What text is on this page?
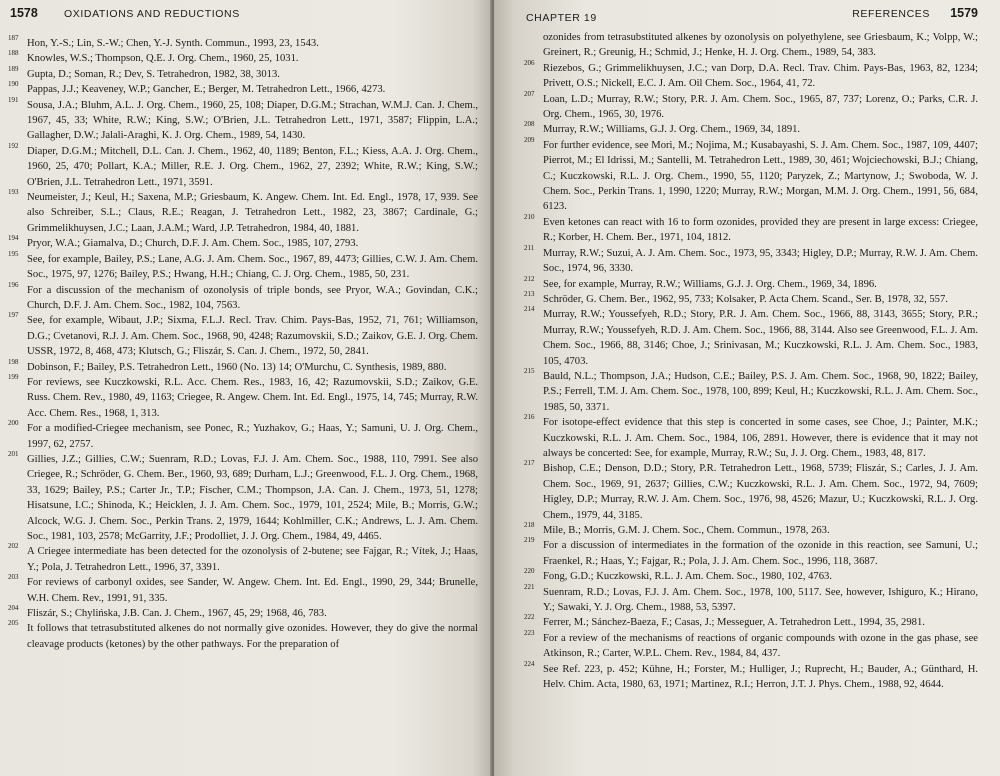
1578 OXIDATIONS AND REDUCTIONS
187 Hon, Y.-S.; Lin, S.-W.; Chen, Y.-J. Synth. Commun., 1993, 23, 1543.
188 Knowles, W.S.; Thompson, Q.E. J. Org. Chem., 1960, 25, 1031.
189 Gupta, D.; Soman, R.; Dev, S. Tetrahedron, 1982, 38, 3013.
190 Pappas, J.J.; Keaveney, W.P.; Gancher, E.; Berger, M. Tetrahedron Lett., 1966, 4273.
191 Sousa, J.A.; Bluhm, A.L. J. Org. Chem., 1960, 25, 108; Diaper, D.G.M.; Strachan, W.M.J. Can. J. Chem., 1967, 45, 33; White, R.W.; King, S.W.; O'Brien, J.L. Tetrahedron Lett., 1971, 3587; Flippin, L.A.; Gallagher, D.W.; Jalali-Araghi, K. J. Org. Chem., 1989, 54, 1430.
192 Diaper, D.G.M.; Mitchell, D.L. Can. J. Chem., 1962, 40, 1189; Benton, F.L.; Kiess, A.A. J. Org. Chem., 1960, 25, 470; Pollart, K.A.; Miller, R.E. J. Org. Chem., 1962, 27, 2392; White, R.W.; King, S.W.; O'Brien, J.L. Tetrahedron Lett., 1971, 3591.
193 Neumeister, J.; Keul, H.; Saxena, M.P.; Griesbaum, K. Angew. Chem. Int. Ed. Engl., 1978, 17, 939. See also Schreiber, S.L.; Claus, R.E.; Reagan, J. Tetrahedron Lett., 1982, 23, 3867; Cardinale, G.; Grimmelikhuysen, J.C.; Laan, J.A.M.; Ward, J.P. Tetrahedron, 1984, 40, 1881.
194 Pryor, W.A.; Giamalva, D.; Church, D.F. J. Am. Chem. Soc., 1985, 107, 2793.
195 See, for example, Bailey, P.S.; Lane, A.G. J. Am. Chem. Soc., 1967, 89, 4473; Gillies, C.W. J. Am. Chem. Soc., 1975, 97, 1276; Bailey, P.S.; Hwang, H.H.; Chiang, C. J. Org. Chem., 1985, 50, 231.
196 For a discussion of the mechanism of ozonolysis of triple bonds, see Pryor, W.A.; Govindan, C.K.; Church, D.F. J. Am. Chem. Soc., 1982, 104, 7563.
197 See, for example, Wibaut, J.P.; Sixma, F.L.J. Recl. Trav. Chim. Pays-Bas, 1952, 71, 761; Williamson, D.G.; Cvetanovi, R.J. J. Am. Chem. Soc., 1968, 90, 4248; Razumovskii, S.D.; Zaikov, G.E. J. Org. Chem. USSR, 1972, 8, 468, 473; Klutsch, G.; Fliszár, S. Can. J. Chem., 1972, 50, 2841.
198 Dobinson, F.; Bailey, P.S. Tetrahedron Lett., 1960 (No. 13) 14; O'Murchu, C. Synthesis, 1989, 880.
199 For reviews, see Kuczkowski, R.L. Acc. Chem. Res., 1983, 16, 42; Razumovskii, S.D.; Zaikov, G.E. Russ. Chem. Rev., 1980, 49, 1163; Criegee, R. Angew. Chem. Int. Ed. Engl., 1975, 14, 745; Murray, R.W. Acc. Chem. Res., 1968, 1, 313.
200 For a modified-Criegee mechanism, see Ponec, R.; Yuzhakov, G.; Haas, Y.; Samuni, U. J. Org. Chem., 1997, 62, 2757.
201 Gillies, J.Z.; Gillies, C.W.; Suenram, R.D.; Lovas, F.J. J. Am. Chem. Soc., 1988, 110, 7991. See also Criegee, R.; Schröder, G. Chem. Ber., 1960, 93, 689; Durham, L.J.; Greenwood, F.L. J. Org. Chem., 1968, 33, 1629; Bailey, P.S.; Carter Jr., T.P.; Fischer, C.M.; Thompson, J.A. Can. J. Chem., 1973, 51, 1278; Hisatsune, I.C.; Shinoda, K.; Heicklen, J. J. Am. Chem. Soc., 1979, 101, 2524; Mile, B.; Morris, G.W.; Alcock, W.G. J. Chem. Soc., Perkin Trans. 2, 1979, 1644; Kohlmiller, C.K.; Andrews, L. J. Am. Chem. Soc., 1981, 103, 2578; McGarrity, J.F.; Prodolliet, J. J. Org. Chem., 1984, 49, 4465.
202 A Criegee intermediate has been detected for the ozonolysis of 2-butene; see Fajgar, R.; Vítek, J.; Haas, Y.; Pola, J. Tetrahedron Lett., 1996, 37, 3391.
203 For reviews of carbonyl oxides, see Sander, W. Angew. Chem. Int. Ed. Engl., 1990, 29, 344; Brunelle, W.H. Chem. Rev., 1991, 91, 335.
204 Fliszár, S.; Chylińska, J.B. Can. J. Chem., 1967, 45, 29; 1968, 46, 783.
205 It follows that tetrasubstituted alkenes do not normally give ozonides. However, they do give the normal cleavage products (ketones) by the other pathways. For the preparation of
CHAPTER 19	REFERENCES 1579
ozonides from tetrasubstituted alkenes by ozonolysis on polyethylene, see Griesbaum, K.; Volpp, W.; Greinert, R.; Greunig, H.; Schmid, J.; Henke, H. J. Org. Chem., 1989, 54, 383.
206 Riezebos, G.; Grimmelikhuysen, J.C.; van Dorp, D.A. Recl. Trav. Chim. Pays-Bas, 1963, 82, 1234; Privett, O.S.; Nickell, E.C. J. Am. Oil Chem. Soc., 1964, 41, 72.
207 Loan, L.D.; Murray, R.W.; Story, P.R. J. Am. Chem. Soc., 1965, 87, 737; Lorenz, O.; Parks, C.R. J. Org. Chem., 1965, 30, 1976.
208 Murray, R.W.; Williams, G.J. J. Org. Chem., 1969, 34, 1891.
209 For further evidence, see Mori, M.; Nojima, M.; Kusabayashi, S. J. Am. Chem. Soc., 1987, 109, 4407; Pierrot, M.; El Idrissi, M.; Santelli, M. Tetrahedron Lett., 1989, 30, 461; Wojciechowski, B.J.; Chiang, C.; Kuczkowski, R.L. J. Org. Chem., 1990, 55, 1120; Paryzek, Z.; Martynow, J.; Swoboda, W. J. Chem. Soc., Perkin Trans. 1, 1990, 1220; Murray, R.W.; Morgan, M.M. J. Org. Chem., 1991, 56, 684, 6123.
210 Even ketones can react with 16 to form ozonides, provided they are present in large excess: Criegee, R.; Korber, H. Chem. Ber., 1971, 104, 1812.
211 Murray, R.W.; Suzui, A. J. Am. Chem. Soc., 1973, 95, 3343; Higley, D.P.; Murray, R.W. J. Am. Chem. Soc., 1974, 96, 3330.
212 See, for example, Murray, R.W.; Williams, G.J. J. Org. Chem., 1969, 34, 1896.
213 Schröder, G. Chem. Ber., 1962, 95, 733; Kolsaker, P. Acta Chem. Scand., Ser. B, 1978, 32, 557.
214 Murray, R.W.; Youssefyeh, R.D.; Story, P.R. J. Am. Chem. Soc., 1966, 88, 3143, 3655; Story, P.R.; Murray, R.W.; Youssefyeh, R.D. J. Am. Chem. Soc., 1966, 88, 3144. Also see Greenwood, F.L. J. Am. Chem. Soc., 1966, 88, 3146; Choe, J.; Srinivasan, M.; Kuczkowski, R.L. J. Am. Chem. Soc., 1983, 105, 4703.
215 Bauld, N.L.; Thompson, J.A.; Hudson, C.E.; Bailey, P.S. J. Am. Chem. Soc., 1968, 90, 1822; Bailey, P.S.; Ferrell, T.M. J. Am. Chem. Soc., 1978, 100, 899; Keul, H.; Kuczkowski, R.L. J. Am. Chem. Soc., 1985, 50, 3371.
216 For isotope-effect evidence that this step is concerted in some cases, see Choe, J.; Painter, M.K.; Kuczkowski, R.L. J. Am. Chem. Soc., 1984, 106, 2891. However, there is evidence that it may not always be concerted: See, for example, Murray, R.W.; Su, J. J. Org. Chem., 1983, 48, 817.
217 Bishop, C.E.; Denson, D.D.; Story, P.R. Tetrahedron Lett., 1968, 5739; Fliszár, S.; Carles, J. J. Am. Chem. Soc., 1969, 91, 2637; Gillies, C.W.; Kuczkowski, R.L. J. Am. Chem. Soc., 1972, 94, 7609; Higley, D.P.; Murray, R.W. J. Am. Chem. Soc., 1976, 98, 4526; Mazur, U.; Kuczkowski, R.L. J. Org. Chem., 1979, 44, 3185.
218 Mile, B.; Morris, G.M. J. Chem. Soc., Chem. Commun., 1978, 263.
219 For a discussion of intermediates in the formation of the ozonide in this reaction, see Samuni, U.; Fraenkel, R.; Haas, Y.; Fajgar, R.; Pola, J. J. Am. Chem. Soc., 1996, 118, 3687.
220 Fong, G.D.; Kuczkowski, R.L. J. Am. Chem. Soc., 1980, 102, 4763.
221 Suenram, R.D.; Lovas, F.J. J. Am. Chem. Soc., 1978, 100, 5117. See, however, Ishiguro, K.; Hirano, Y.; Sawaki, Y. J. Org. Chem., 1988, 53, 5397.
222 Ferrer, M.; Sánchez-Baeza, F.; Casas, J.; Messeguer, A. Tetrahedron Lett., 1994, 35, 2981.
223 For a review of the mechanisms of reactions of organic compounds with ozone in the gas phase, see Atkinson, R.; Carter, W.P.L. Chem. Rev., 1984, 84, 437.
224 See Ref. 223, p. 452; Kühne, H.; Forster, M.; Hulliger, J.; Ruprecht, H.; Bauder, A.; Günthard, H. Helv. Chim. Acta, 1980, 63, 1971; Martinez, R.I.; Herron, J.T. J. Phys. Chem., 1988, 92, 4644.
